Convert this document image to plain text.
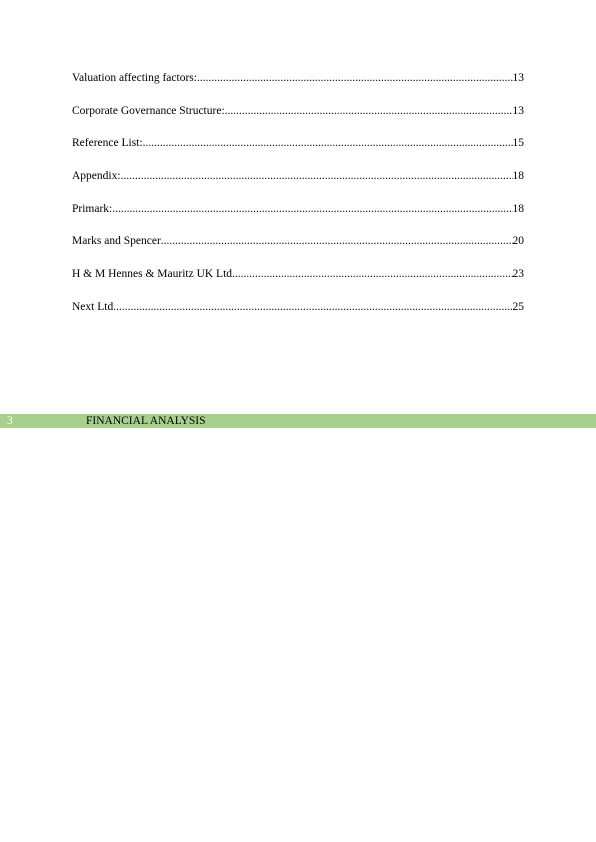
Valuation affecting factors: .....	13
Corporate Governance Structure: .....	13
Reference List: .....	15
Appendix: .....	18
Primark: .....	18
Marks and Spencer .....	20
H & M Hennes & Mauritz UK Ltd .....	23
Next Ltd .....	25
3	FINANCIAL ANALYSIS
